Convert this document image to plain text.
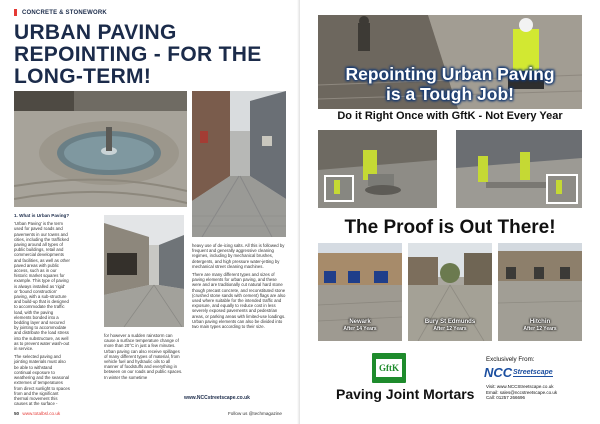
CONCRETE & STONEWORK
URBAN PAVING
REPOINTING - FOR THE
LONG-TERM!

1. What is Urban Paving?

'Urban Paving' is the term used for paved roads and pavements in our towns and cities, including the trafficked paving around all types of public buildings, retail and commercial developments and facilities, as well as other paved areas with public access, such as in our historic market squares for example. This type of paving is always installed as 'rigid' or 'bound construction' paving, with a sub-structure and build-up that is designed to accommodate the traffic load, with the paving elements bonded into a bedding layer and secured by jointing to accommodate and distribute the load stress into the substructure, as well as to prevent water wash-out in service.

The selected paving and jointing materials must also be able to withstand continual exposure to weathering and the seasonal extremes of temperatures from direct sunlight to spaces from and the significant thermal movement this causes at the surface -

for however a sudden rainstorm can cause a surface temperature change of more than 20°C in just a few minutes. Urban paving can also receive spillages of many different types of material, from vehicle fuel and hydraulic oils to all manner of foodstuffs and everything in between on our roads and public spaces. In winter the sometime

heavy use of de-icing salts. All this is followed by frequent and generally aggressive cleaning regimes, including by mechanical brushes, detergents, and high pressure water-jetting by mechanical street cleaning machines.

There are many different types and sizes of paving elements for urban paving, and these were and are traditionally cut natural hard stone though precast concrete, and reconstituted stone (crushed stone sands with cement) flags are also used where suitable for the intended traffic and exposure, and equally to reduce cost in less severely exposed pavements and pedestrian areas, or parking areas with limited-use loadings. Urban paving elements can also be divided into two main types according to their size.

www.NCCstreetscape.co.uk
50 www.totalbsl.co.uk	Follow us @techmagazine
Repointing Urban Paving
is a Tough Job!
Do it Right Once with GftK - Not Every Year
The Proof is Out There!
Newark
After 14 Years
Bury St Edmunds
After 12 Years
Hitchin
After 12 Years
GftK
Paving Joint Mortars
Exclusively From:
NCC Streetscape
Visit: www.NCCStreetscape.co.uk
Email: sales@nccstreetscape.co.uk
Call: 01257 266696
